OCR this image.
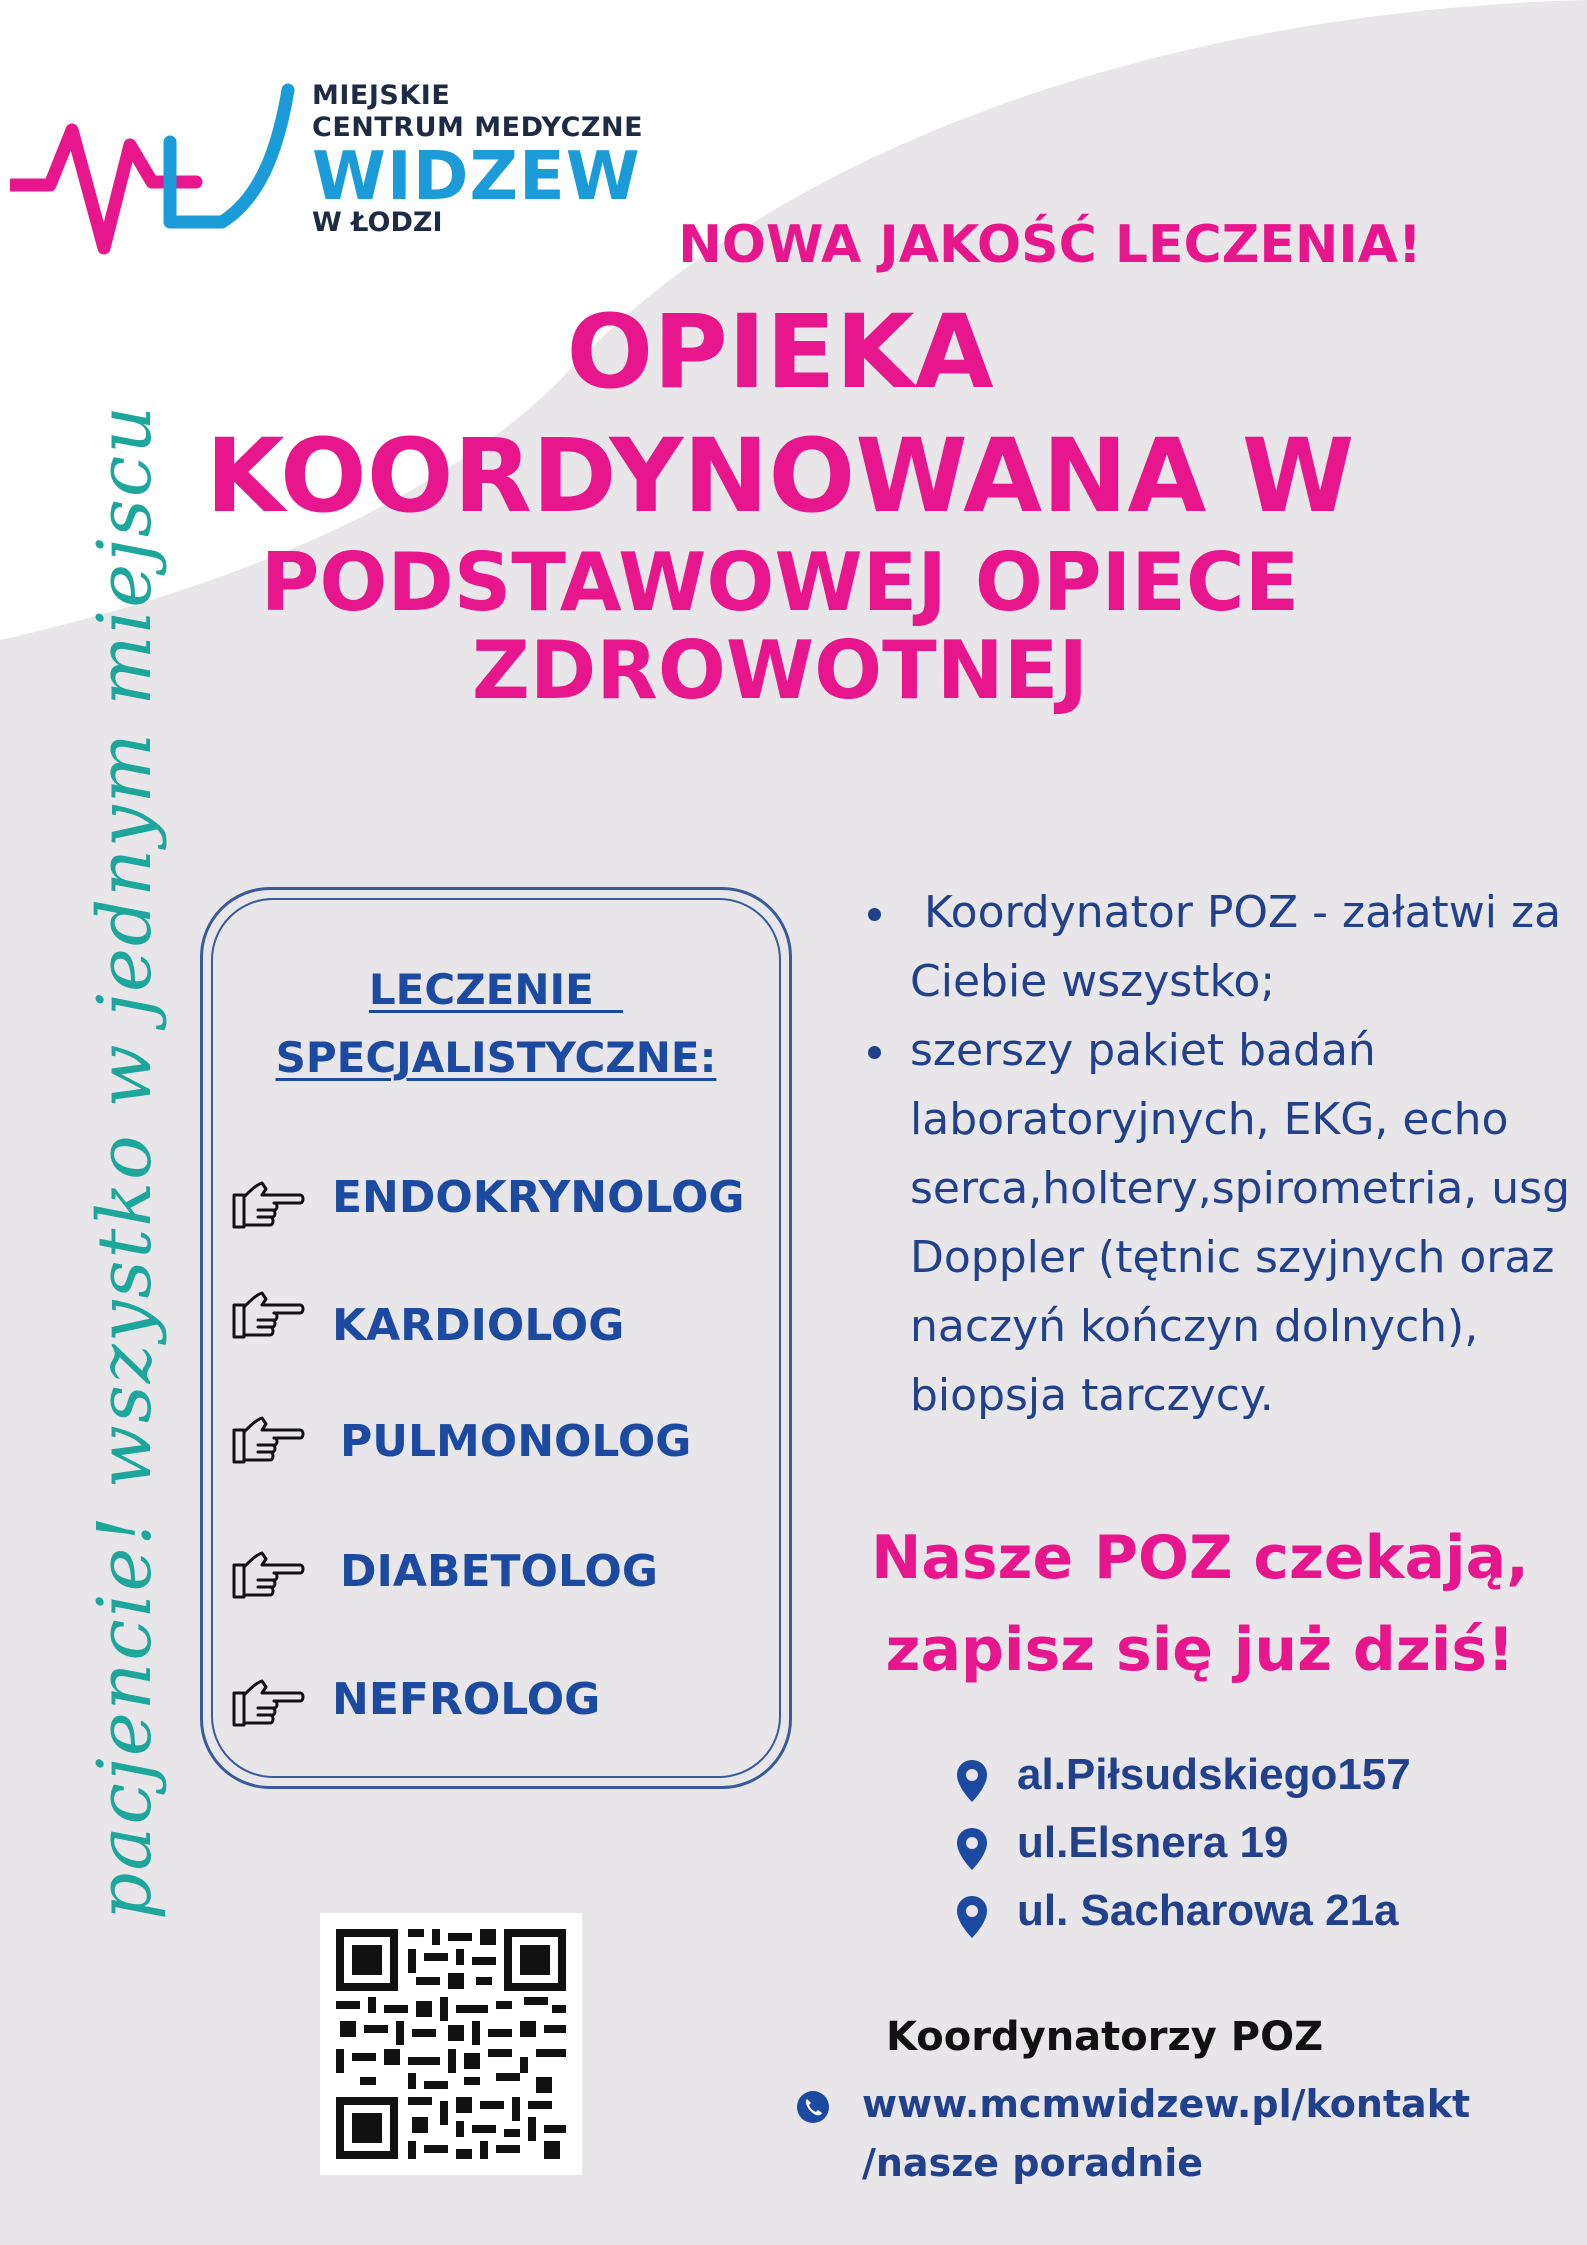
MIEJSKIE
CENTRUM MEDYCZNE
WIDZEW
W ŁODZI	NOWA JAKOŚĆ LECZENIA!
OPIEKA
KOORDYNOWANA W
PODSTAWOWEJ OPIECE
ZDROWOTNEJ
pacjencie! wszystko w jednym miejscu	LECZENIE
SPECJALISTYCZNE:
ENDOKRYNOLOG
KARDIOLOG
PULMONOLOG
DIABETOLOG
NEFROLOG
Koordynator POZ - załatwi za
Ciebie wszystko;
szerszy pakiet badań
laboratoryjnych, EKG, echo
serca,holtery,spirometria, usg
Doppler (tętnic szyjnych oraz
naczyń kończyn dolnych),
biopsja tarczycy.
Nasze POZ czekają,
zapisz się już dziś!
al.Piłsudskiego157
ul.Elsnera 19
ul. Sacharowa 21a
Koordynatorzy POZ
www.mcmwidzew.pl/kontakt
/nasze poradnie
